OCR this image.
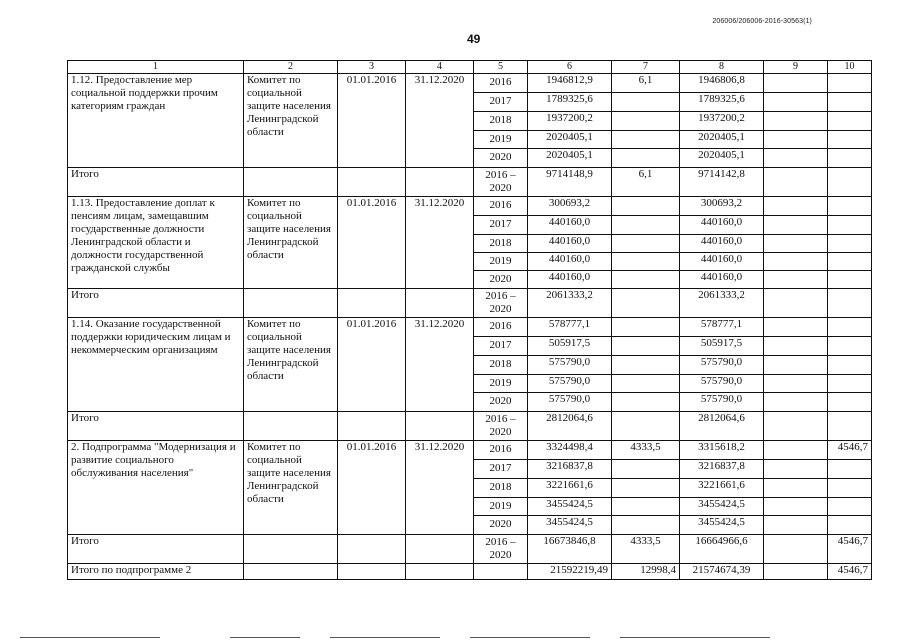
206006/206006-2016-30563(1)
49
1	2	3	4	5	6	7	8	9	10
1.12. Предоставление мер социальной поддержки прочим категориям граждан	Комитет по социальной защите населения Ленинградской области	01.01.2016	31.12.2020	2016	1946812,9	6,1	1946806,8		
				2017	1789325,6		1789325,6		
				2018	1937200,2		1937200,2		
				2019	2020405,1		2020405,1		
				2020	2020405,1		2020405,1		
Итого				2016 – 2020	9714148,9	6,1	9714142,8		
1.13. Предоставление доплат к пенсиям лицам, замещавшим государственные должности Ленинградской области и должности государственной гражданской службы	Комитет по социальной защите населения Ленинградской области	01.01.2016	31.12.2020	2016	300693,2		300693,2		
				2017	440160,0		440160,0		
				2018	440160,0		440160,0		
				2019	440160,0		440160,0		
				2020	440160,0		440160,0		
Итого				2016 – 2020	2061333,2		2061333,2		
1.14. Оказание государственной поддержки юридическим лицам и некоммерческим организациям	Комитет по социальной защите населения Ленинградской области	01.01.2016	31.12.2020	2016	578777,1		578777,1		
				2017	505917,5		505917,5		
				2018	575790,0		575790,0		
				2019	575790,0		575790,0		
				2020	575790,0		575790,0		
Итого				2016 – 2020	2812064,6		2812064,6		
2. Подпрограмма "Модернизация и развитие социального обслуживания населения"	Комитет по социальной защите населения Ленинградской области	01.01.2016	31.12.2020	2016	3324498,4	4333,5	3315618,2		4546,7
				2017	3216837,8		3216837,8		
				2018	3221661,6		3221661,6		
				2019	3455424,5		3455424,5		
				2020	3455424,5		3455424,5		
Итого				2016 – 2020	16673846,8	4333,5	16664966,6		4546,7
Итого по подпрограмме 2					21592219,49	12998,4	21574674,39		4546,7
